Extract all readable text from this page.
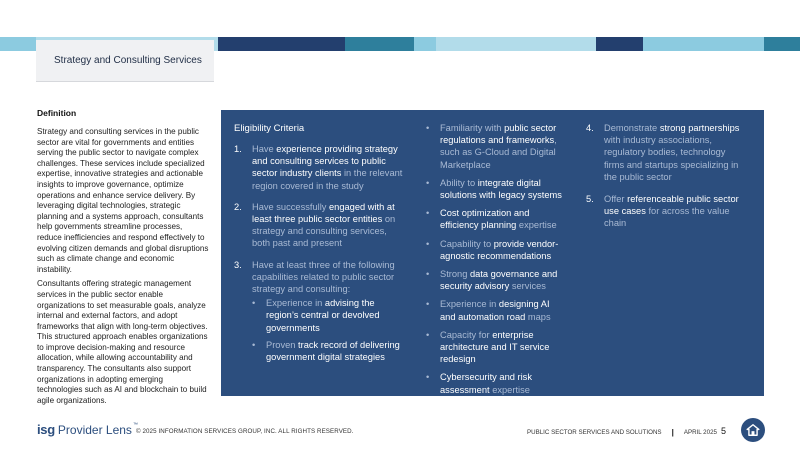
Strategy and Consulting Services
Definition

Strategy and consulting services in the public sector are vital for governments and entities serving the public sector to navigate complex challenges. These services include specialized expertise, innovative strategies and actionable insights to improve governance, optimize operations and enhance service delivery. By leveraging digital technologies, strategic planning and a systems approach, consultants help governments streamline processes, reduce inefficiencies and respond effectively to evolving citizen demands and global disruptions such as climate change and economic instability.

Consultants offering strategic management services in the public sector enable organizations to set measurable goals, analyze internal and external factors, and adopt frameworks that align with long-term objectives. This structured approach enables organizations to improve decision-making and resource allocation, while allowing accountability and transparency. The consultants also support organizations in adopting emerging technologies such as AI and blockchain to build agile organizations.

Eligibility Criteria
1. Have experience providing strategy and consulting services to public sector industry clients in the relevant region covered in the study
2. Have successfully engaged with at least three public sector entities on strategy and consulting services, both past and present
3. Have at least three of the following capabilities related to public sector strategy and consulting:
• Experience in advising the region’s central or devolved governments
• Proven track record of delivering government digital strategies
• Familiarity with public sector regulations and frameworks, such as G-Cloud and Digital Marketplace
• Ability to integrate digital solutions with legacy systems
• Cost optimization and efficiency planning expertise
• Capability to provide vendor-agnostic recommendations
• Strong data governance and security advisory services
• Experience in designing AI and automation road maps
• Capacity for enterprise architecture and IT service redesign
• Cybersecurity and risk assessment expertise
4. Demonstrate strong partnerships with industry associations, regulatory bodies, technology firms and startups specializing in the public sector
5. Offer referenceable public sector use cases for across the value chain
isg Provider Lens ™
© 2025 INFORMATION SERVICES GROUP, INC. ALL RIGHTS RESERVED.	PUBLIC SECTOR SERVICES AND SOLUTIONS | APRIL 2025 5
